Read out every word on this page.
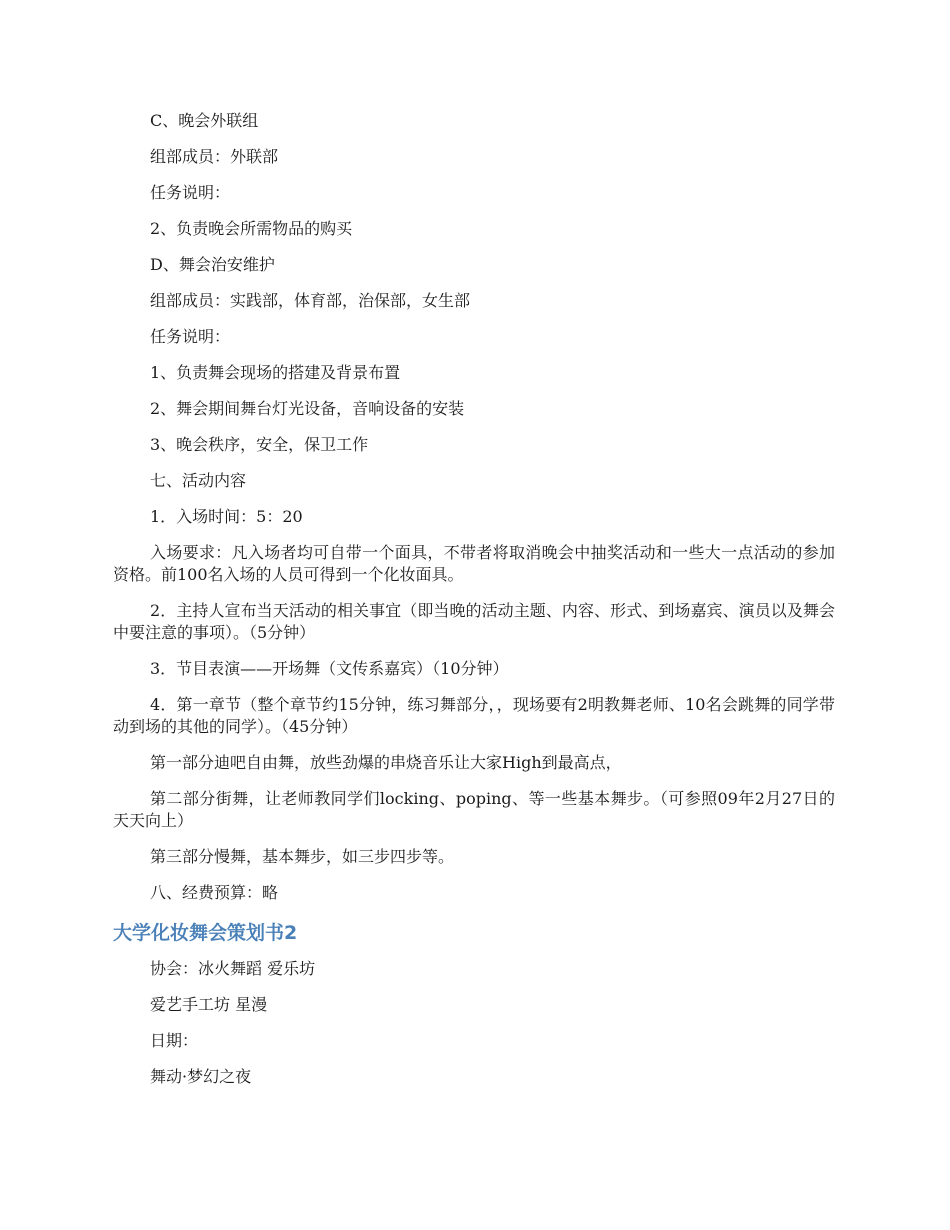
C、晚会外联组

组部成员：外联部

任务说明：

2、负责晚会所需物品的购买

D、舞会治安维护

组部成员：实践部，体育部，治保部，女生部

任务说明：

1、负责舞会现场的搭建及背景布置

2、舞会期间舞台灯光设备，音响设备的安装

3、晚会秩序，安全，保卫工作

七、活动内容

1．入场时间：5：20

入场要求：凡入场者均可自带一个面具，不带者将取消晚会中抽奖活动和一些大一点活动的参加资格。前100名入场的人员可得到一个化妆面具。

2．主持人宣布当天活动的相关事宜（即当晚的活动主题、内容、形式、到场嘉宾、演员以及舞会中要注意的事项）。（5分钟）

3．节目表演——开场舞（文传系嘉宾）（10分钟）

4．第一章节（整个章节约15分钟，练习舞部分，，现场要有2明教舞老师、10名会跳舞的同学带动到场的其他的同学）。（45分钟）

第一部分迪吧自由舞，放些劲爆的串烧音乐让大家High到最高点，

第二部分街舞，让老师教同学们locking、poping、等一些基本舞步。（可参照09年2月27日的天天向上）

第三部分慢舞，基本舞步，如三步四步等。

八、经费预算：略

大学化妆舞会策划书2

协会：冰火舞蹈 爱乐坊

爱艺手工坊 星漫

日期：

舞动·梦幻之夜
